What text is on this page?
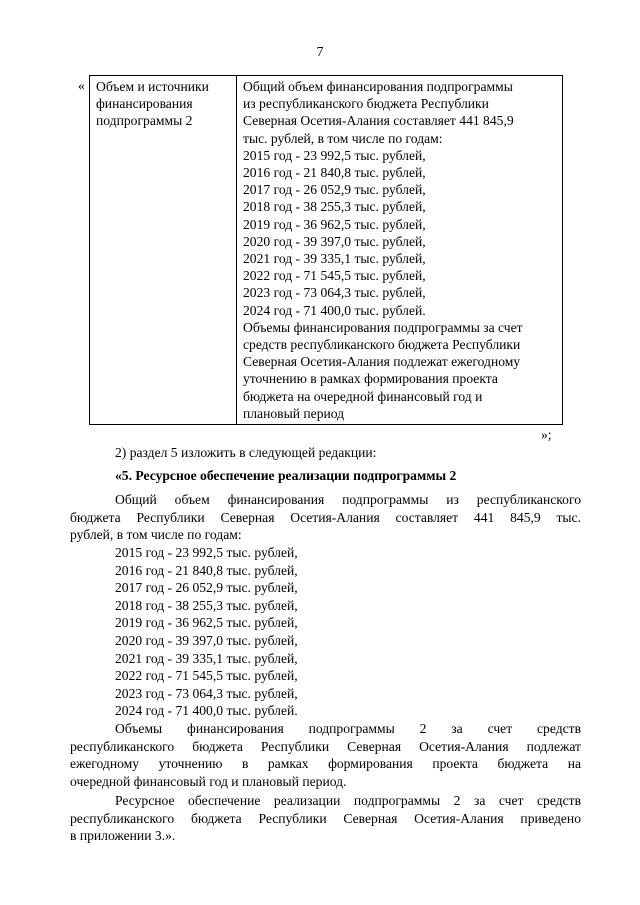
7
« Объем и источники
финансирования
подпрограммы 2

Общий объем финансирования подпрограммы
из республиканского бюджета Республики
Северная Осетия-Алания составляет 441 845,9
тыс. рублей, в том числе по годам:
2015 год - 23 992,5 тыс. рублей,
2016 год - 21 840,8 тыс. рублей,
2017 год - 26 052,9 тыс. рублей,
2018 год - 38 255,3 тыс. рублей,
2019 год - 36 962,5 тыс. рублей,
2020 год - 39 397,0 тыс. рублей,
2021 год - 39 335,1 тыс. рублей,
2022 год - 71 545,5 тыс. рублей,
2023 год - 73 064,3 тыс. рублей,
2024 год - 71 400,0 тыс. рублей.
Объемы финансирования подпрограммы за счет
средств республиканского бюджета Республики
Северная Осетия-Алания подлежат ежегодному
уточнению в рамках формирования проекта
бюджета на очередной финансовый год и
плановый период
»;
2) раздел 5 изложить в следующей редакции:
«5. Ресурсное обеспечение реализации подпрограммы 2
Общий объем финансирования подпрограммы из республиканского
бюджета Республики Северная Осетия-Алания составляет 441 845,9 тыс.
рублей, в том числе по годам:
2015 год - 23 992,5 тыс. рублей,
2016 год - 21 840,8 тыс. рублей,
2017 год - 26 052,9 тыс. рублей,
2018 год - 38 255,3 тыс. рублей,
2019 год - 36 962,5 тыс. рублей,
2020 год - 39 397,0 тыс. рублей,
2021 год - 39 335,1 тыс. рублей,
2022 год - 71 545,5 тыс. рублей,
2023 год - 73 064,3 тыс. рублей,
2024 год - 71 400,0 тыс. рублей.
Объемы финансирования подпрограммы 2 за счет средств
республиканского бюджета Республики Северная Осетия-Алания подлежат
ежегодному уточнению в рамках формирования проекта бюджета на
очередной финансовый год и плановый период.
Ресурсное обеспечение реализации подпрограммы 2 за счет средств
республиканского бюджета Республики Северная Осетия-Алания приведено
в приложении 3.».
